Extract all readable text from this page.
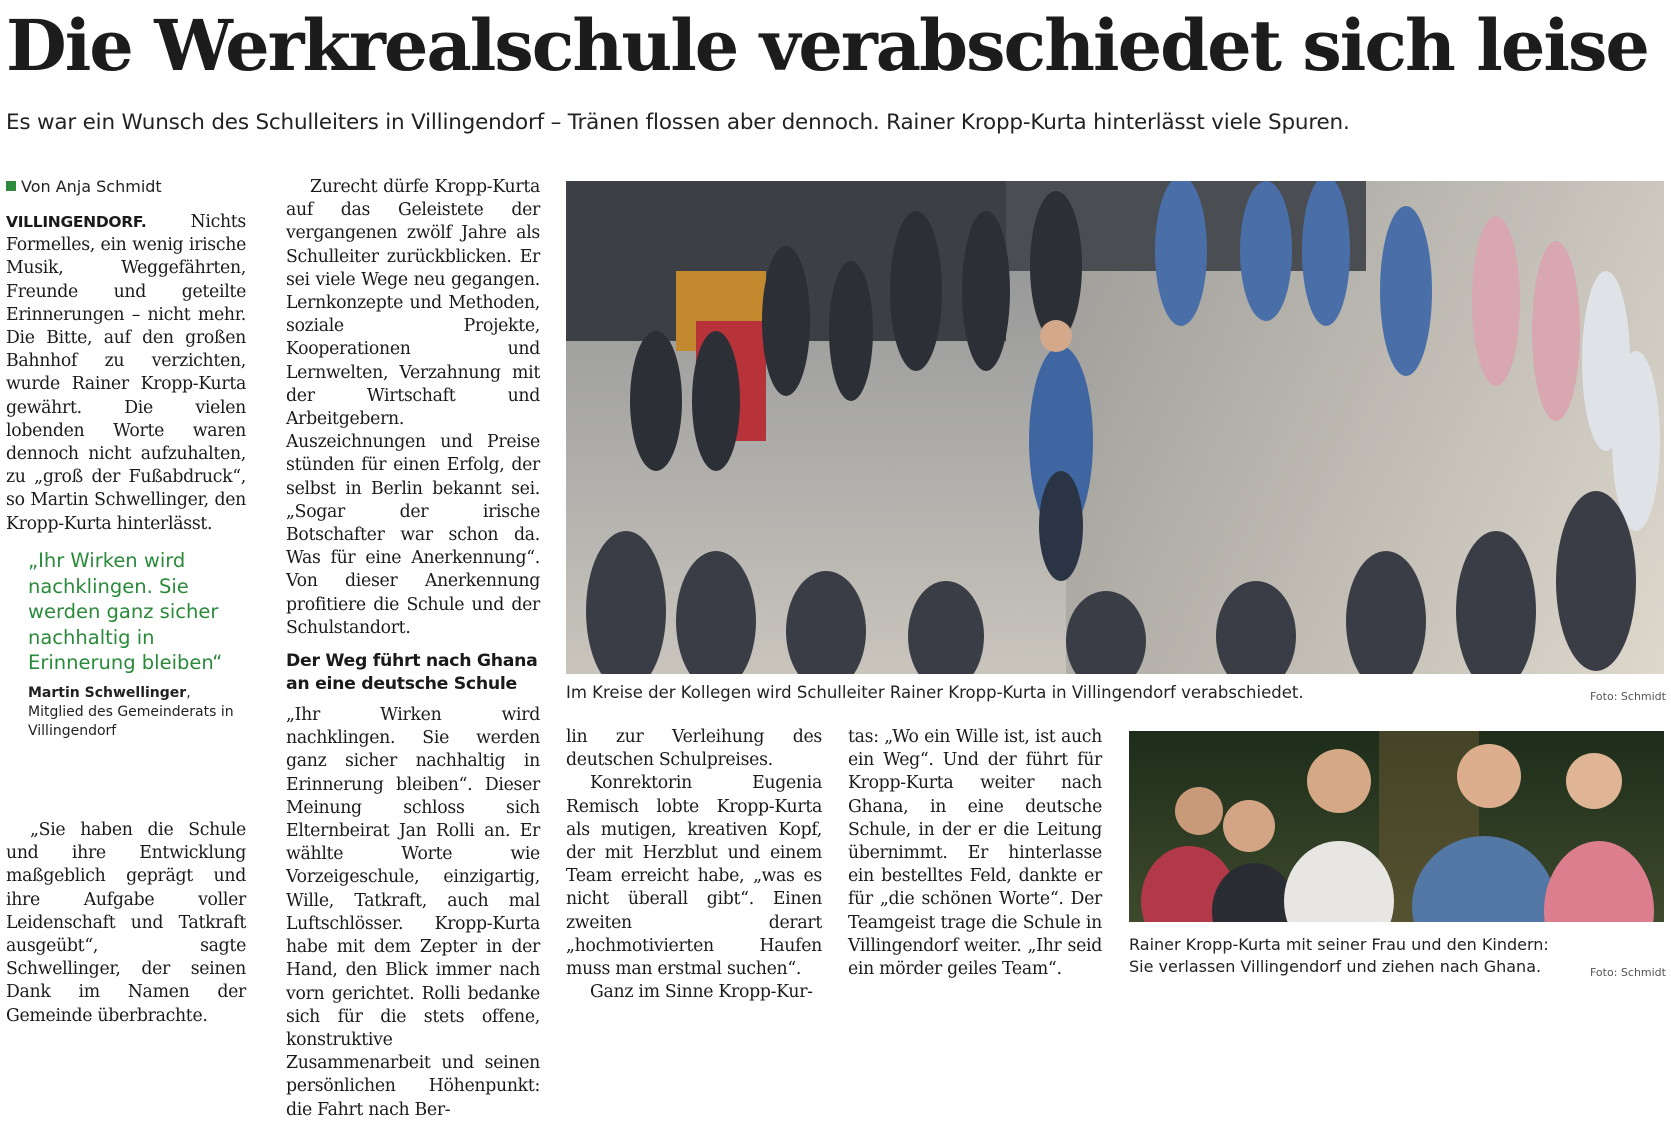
Die Werkrealschule verabschiedet sich leise

Es war ein Wunsch des Schulleiters in Villingendorf – Tränen flossen aber dennoch. Rainer Kropp-Kurta hinterlässt viele Spuren.

Von Anja Schmidt

VILLINGENDORF.	Nichts Formelles, ein wenig irische Musik, Weggefährten, Freunde und geteilte Erinnerungen – nicht mehr. Die Bitte, auf den großen Bahnhof zu verzichten, wurde Rainer Kropp-Kurta gewährt. Die vielen lobenden Worte waren dennoch nicht aufzuhalten, zu „groß der Fußabdruck“, so Martin Schwellinger, den Kropp-Kurta hinterlässt.

„Ihr Wirken wird nachklingen. Sie werden ganz sicher nachhaltig in Erinnerung bleiben“

Martin Schwellinger,
Mitglied des Gemeinderats in Villingendorf

„Sie haben die Schule und ihre Entwicklung maßgeblich geprägt und ihre Aufgabe voller Leidenschaft und Tatkraft ausgeübt“, sagte Schwellinger, der seinen Dank im Namen der Gemeinde überbrachte.

Zurecht dürfe Kropp-Kurta auf das Geleistete der vergangenen zwölf Jahre als Schulleiter zurückblicken. Er sei viele Wege neu gegangen. Lernkonzepte und Methoden, soziale Projekte, Kooperationen und Lernwelten, Verzahnung mit der Wirtschaft und Arbeitgebern. Auszeichnungen und Preise stünden für einen Erfolg, der selbst in Berlin bekannt sei. „Sogar der irische Botschafter war schon da. Was für eine Anerkennung“. Von dieser Anerkennung profitiere die Schule und der Schulstandort.

Der Weg führt nach Ghana an eine deutsche Schule

„Ihr Wirken wird nachklingen. Sie werden ganz sicher nachhaltig in Erinnerung bleiben“. Dieser Meinung schloss sich Elternbeirat Jan Rolli an. Er wählte Worte wie Vorzeigeschule, einzigartig, Wille, Tatkraft, auch mal Luftschlösser. Kropp-Kurta habe mit dem Zepter in der Hand, den Blick immer nach vorn gerichtet. Rolli bedanke sich für die stets offene, konstruktive Zusammenarbeit und seinen persönlichen Höhenpunkt: die Fahrt nach Ber-

Im Kreise der Kollegen wird Schulleiter Rainer Kropp-Kurta in Villingendorf verabschiedet.	Foto: Schmidt

lin zur Verleihung des deutschen Schulpreises.

Konrektorin Eugenia Remisch lobte Kropp-Kurta als mutigen, kreativen Kopf, der mit Herzblut und einem Team erreicht habe, „was es nicht überall gibt“. Einen zweiten derart „hochmotivierten Haufen muss man erstmal suchen“.

Ganz im Sinne Kropp-Kur-

tas: „Wo ein Wille ist, ist auch ein Weg“. Und der führt für Kropp-Kurta weiter nach Ghana, in eine deutsche Schule, in der er die Leitung übernimmt. Er hinterlasse ein bestelltes Feld, dankte er für „die schönen Worte“. Der Teamgeist trage die Schule in Villingendorf weiter. „Ihr seid ein mörder geiles Team“.

Rainer Kropp-Kurta mit seiner Frau und den Kindern: Sie verlassen Villingendorf und ziehen nach Ghana.	Foto: Schmidt
